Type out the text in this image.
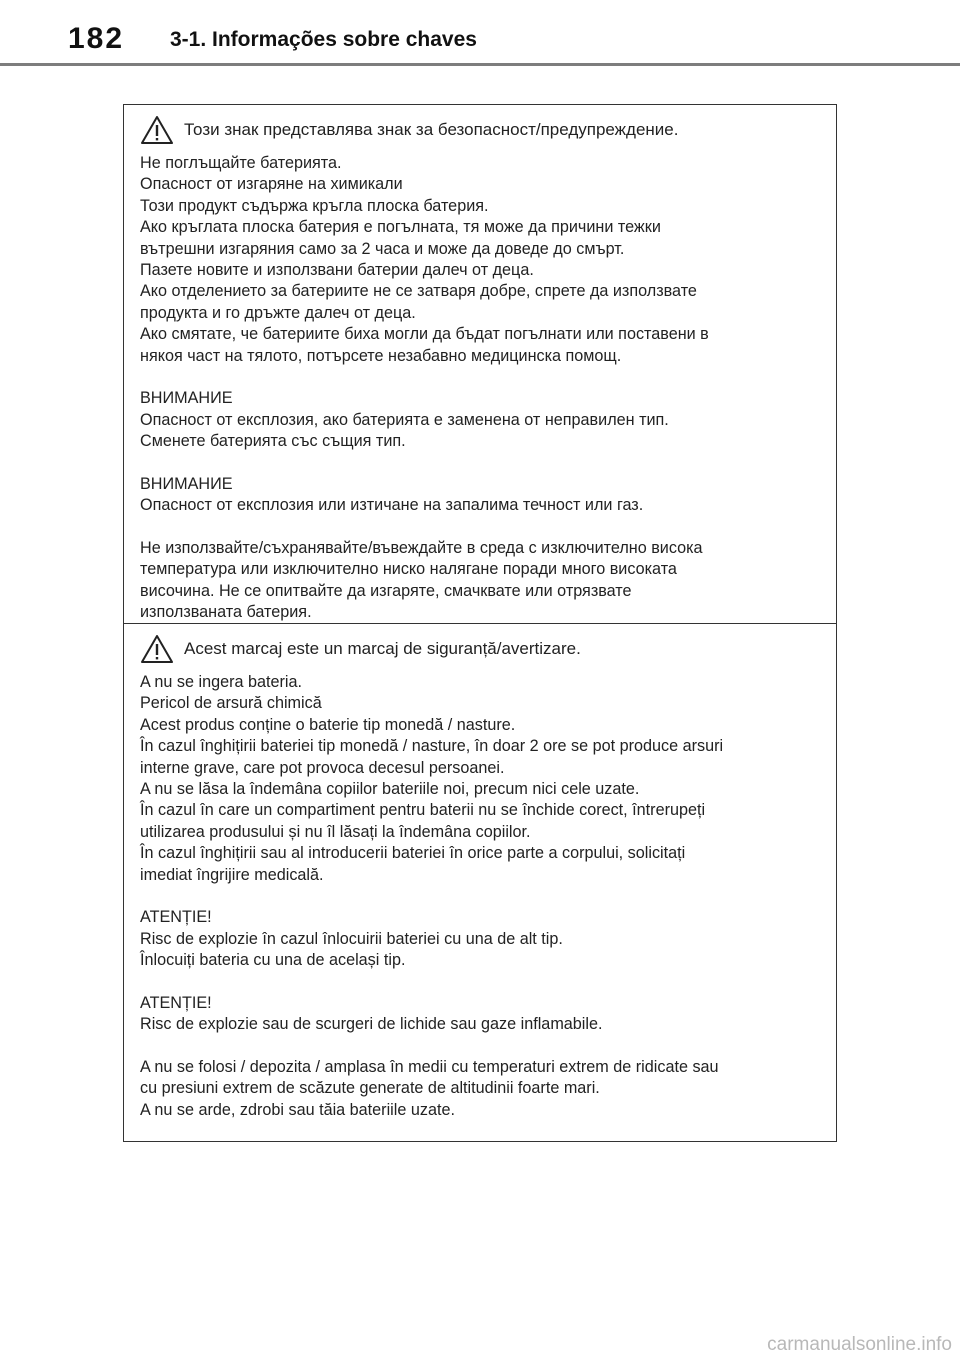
182 3-1. Informações sobre chaves
Този знак представлява знак за безопасност/предупреждение.
Не поглъщайте батерията.
Опасност от изгаряне на химикали
Този продукт съдържа кръгла плоска батерия.
Ако кръглата плоска батерия е погълната, тя може да причини тежки
вътрешни изгаряния само за 2 часа и може да доведе до смърт.
Пазете новите и използвани батерии далеч от деца.
Ако отделението за батериите не се затваря добре, спрете да използвате
продукта и го дръжте далеч от деца.
Ако смятате, че батериите биха могли да бъдат погълнати или поставени в
някоя част на тялото, потърсете незабавно медицинска помощ.
ВНИМАНИЕ
Опасност от експлозия, ако батерията е заменена от неправилен тип.
Сменете батерията със същия тип.
ВНИМАНИЕ
Опасност от експлозия или изтичане на запалима течност или газ.
Не използвайте/съхранявайте/въвеждайте в среда с изключително висока
температура или изключително ниско налягане поради много високата
височина. Не се опитвайте да изгаряте, смачквате или отрязвате
използваната батерия.
Acest marcaj este un marcaj de siguranță/avertizare.
A nu se ingera bateria.
Pericol de arsură chimică
Acest produs conține o baterie tip monedă / nasture.
În cazul înghițirii bateriei tip monedă / nasture, în doar 2 ore se pot produce arsuri
interne grave, care pot provoca decesul persoanei.
A nu se lăsa la îndemâna copiilor bateriile noi, precum nici cele uzate.
În cazul în care un compartiment pentru baterii nu se închide corect, întrerupeți
utilizarea produsului și nu îl lăsați la îndemâna copiilor.
În cazul înghițirii sau al introducerii bateriei în orice parte a corpului, solicitați
imediat îngrijire medicală.
ATENȚIE!
Risc de explozie în cazul înlocuirii bateriei cu una de alt tip.
Înlocuiți bateria cu una de același tip.
ATENȚIE!
Risc de explozie sau de scurgeri de lichide sau gaze inflamabile.
A nu se folosi / depozita / amplasa în medii cu temperaturi extrem de ridicate sau
cu presiuni extrem de scăzute generate de altitudinii foarte mari.
A nu se arde, zdrobi sau tăia bateriile uzate.
carmanualsonline.info
